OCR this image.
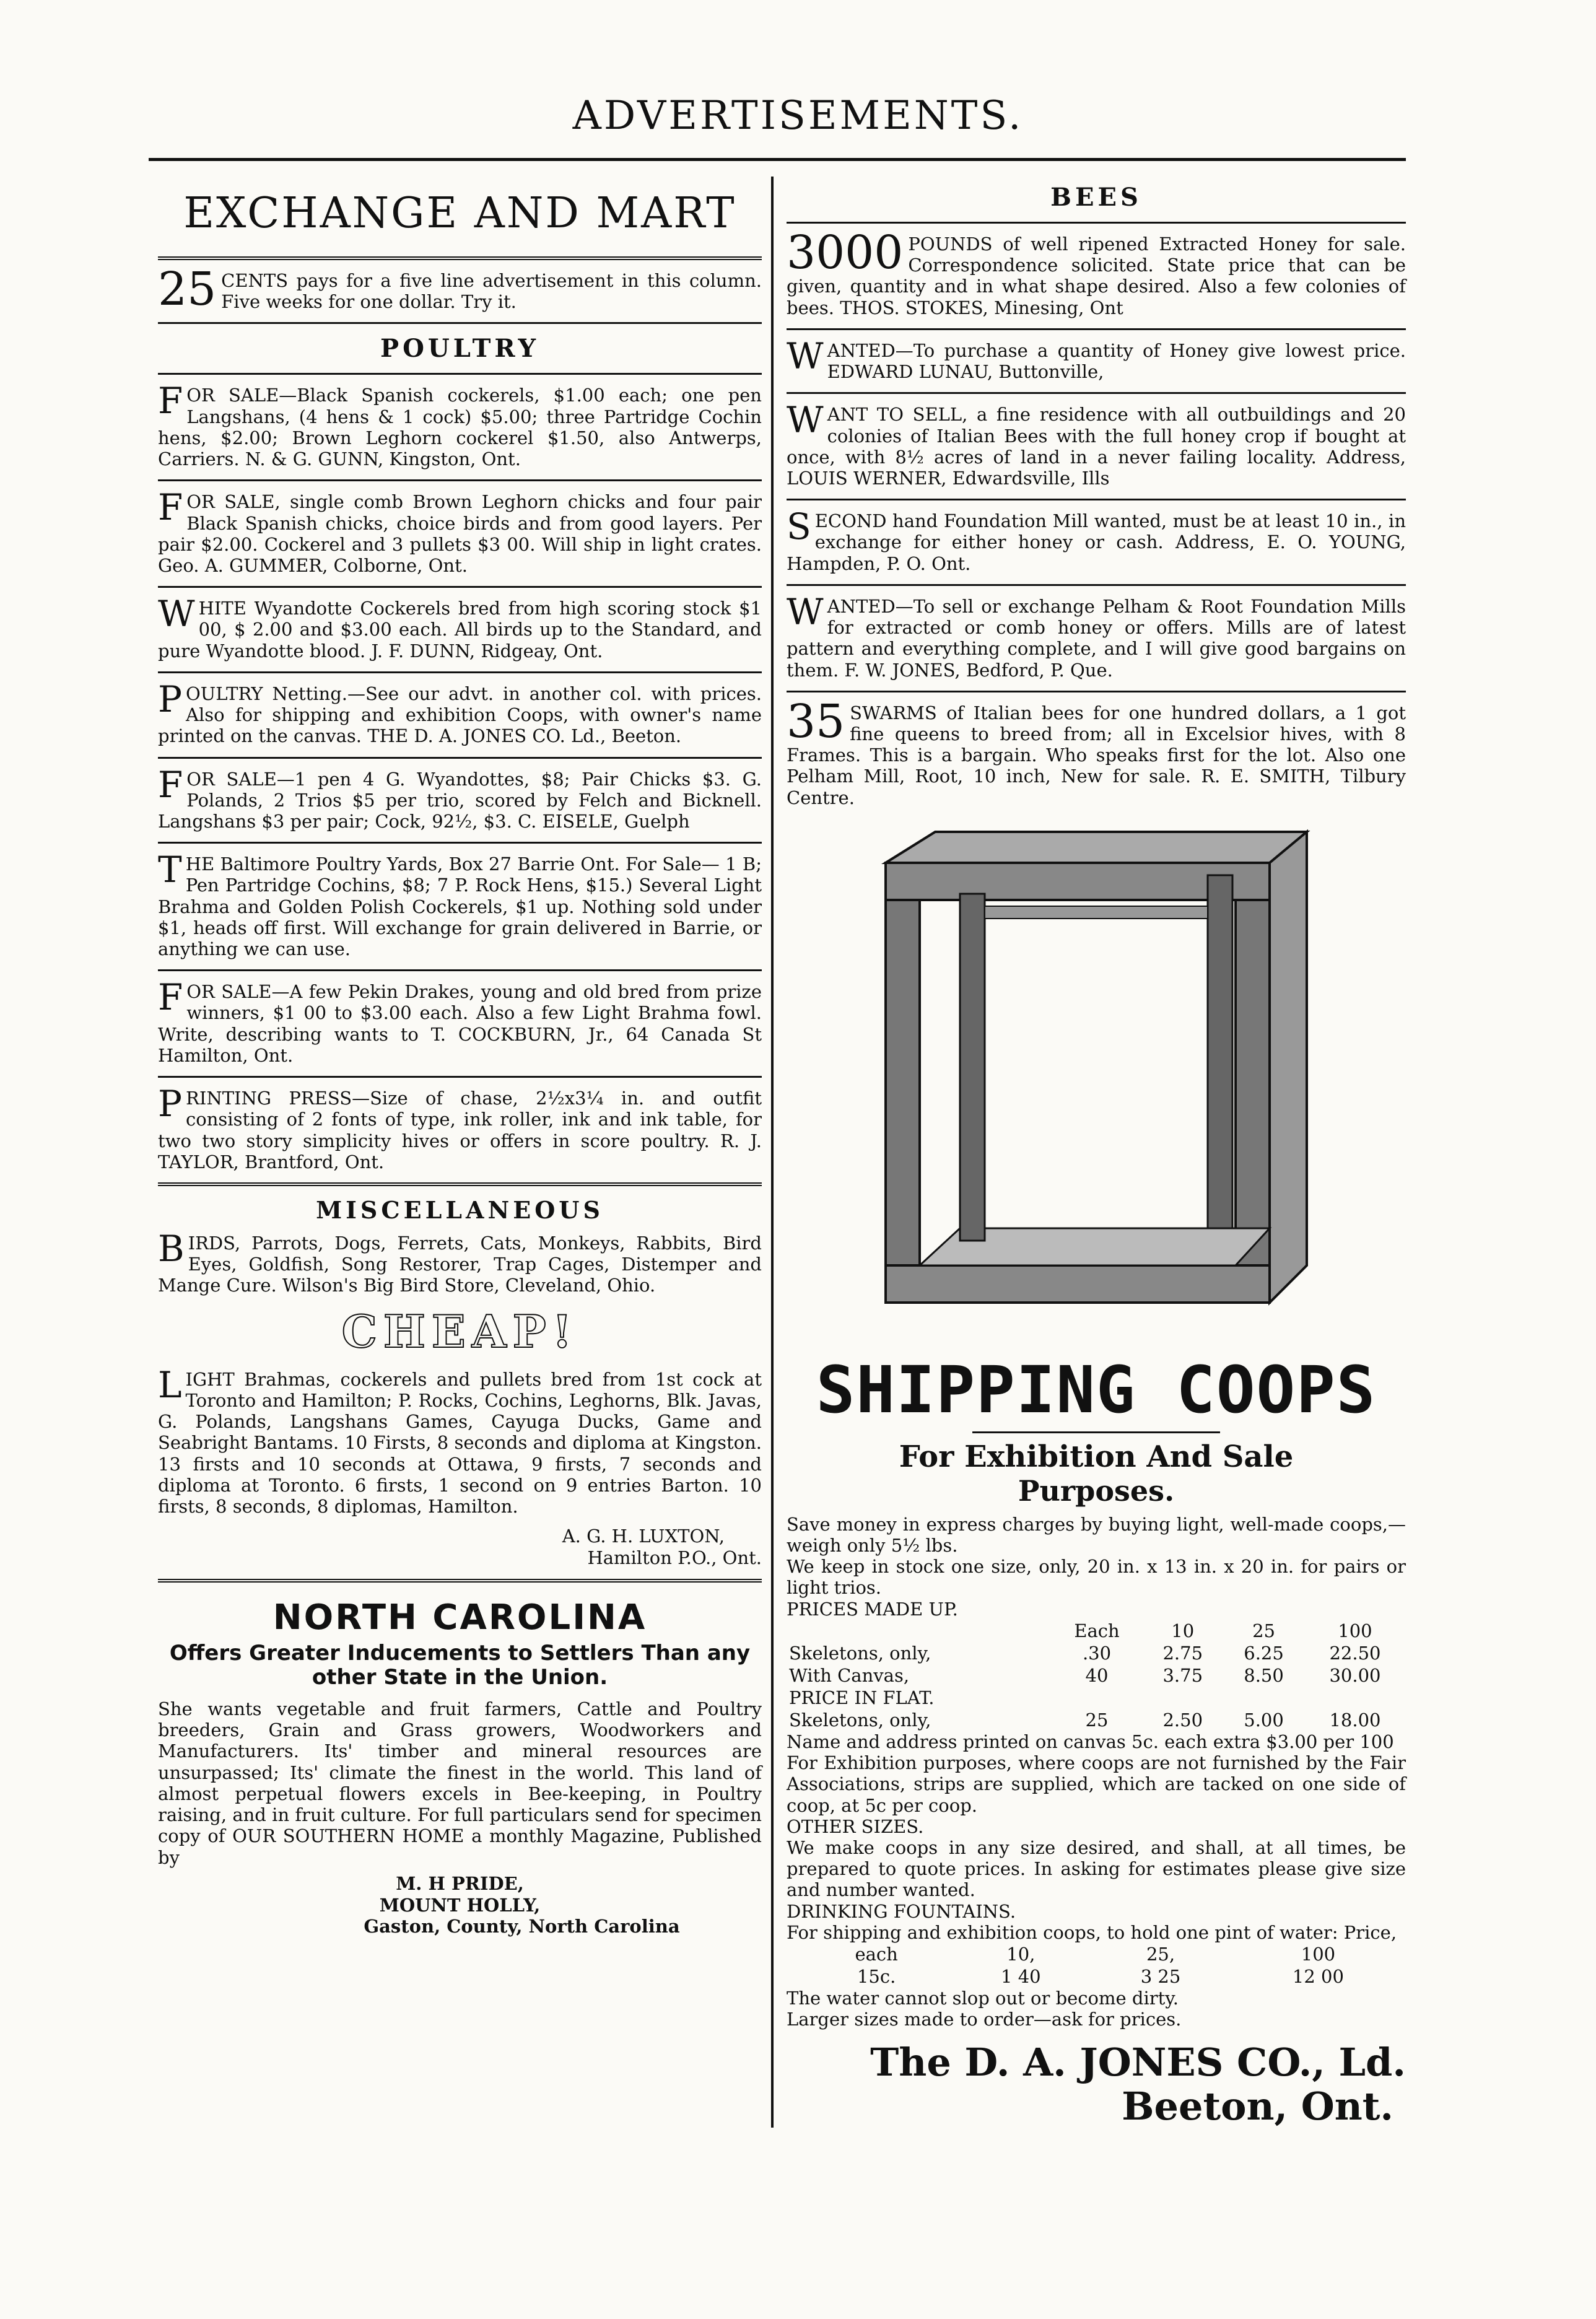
ADVERTISEMENTS.
EXCHANGE AND MART
25 CENTS pays for a five line advertisement in this column. Five weeks for one dollar. Try it.

POULTRY
F OR SALE—Black Spanish cockerels, $1.00 each; one pen Langshans, (4 hens & 1 cock) $5.00; three Partridge Cochin hens, $2.00; Brown Leghorn cockerel $1.50, also Antwerps, Carriers. N. & G. GUNN, Kingston, Ont.

F OR SALE, single comb Brown Leghorn chicks and four pair Black Spanish chicks, choice birds and from good layers. Per pair $2.00. Cockerel and 3 pullets $3 00. Will ship in light crates. Geo. A. GUMMER, Colborne, Ont.

W HITE Wyandotte Cockerels bred from high scoring stock $1 00, $ 2.00 and $3.00 each. All birds up to the Standard, and pure Wyandotte blood. J. F. DUNN, Ridgeay, Ont.

P OULTRY Netting.—See our advt. in another col. with prices. Also for shipping and exhibition Coops, with owner's name printed on the canvas. THE D. A. JONES CO. Ld., Beeton.

F OR SALE—1 pen 4 G. Wyandottes, $8; Pair Chicks $3. G. Polands, 2 Trios $5 per trio, scored by Felch and Bicknell. Langshans $3 per pair; Cock, 92½, $3. C. EISELE, Guelph

T HE Baltimore Poultry Yards, Box 27 Barrie Ont. For Sale— 1 B; Pen Partridge Cochins, $8; 7 P. Rock Hens, $15.) Several Light Brahma and Golden Polish Cockerels, $1 up. Nothing sold under $1, heads off first. Will exchange for grain delivered in Barrie, or anything we can use.

F OR SALE—A few Pekin Drakes, young and old bred from prize winners, $1 00 to $3.00 each. Also a few Light Brahma fowl. Write, describing wants to T. COCKBURN, Jr., 64 Canada St Hamilton, Ont.

P RINTING PRESS—Size of chase, 2½x3¼ in. and outfit consisting of 2 fonts of type, ink roller, ink and ink table, for two two story simplicity hives or offers in score poultry. R. J. TAYLOR, Brantford, Ont.

MISCELLANEOUS
B IRDS, Parrots, Dogs, Ferrets, Cats, Monkeys, Rabbits, Bird Eyes, Goldfish, Song Restorer, Trap Cages, Distemper and Mange Cure. Wilson's Big Bird Store, Cleveland, Ohio.

CHEAP!
L IGHT Brahmas, cockerels and pullets bred from 1st cock at Toronto and Hamilton; P. Rocks, Cochins, Leghorns, Blk. Javas, G. Polands, Langshans Games, Cayuga Ducks, Game and Seabright Bantams. 10 Firsts, 8 seconds and diploma at Kingston. 13 firsts and 10 seconds at Ottawa, 9 firsts, 7 seconds and diploma at Toronto. 6 firsts, 1 second on 9 entries Barton. 10 firsts, 8 seconds, 8 diplomas, Hamilton.

A. G. H. LUXTON,
Hamilton P.O., Ont.
NORTH CAROLINA
Offers Greater Inducements to Settlers Than any other State in the Union.

She wants vegetable and fruit farmers, Cattle and Poultry breeders, Grain and Grass growers, Woodworkers and Manufacturers. Its' timber and mineral resources are unsurpassed; Its' climate the finest in the world. This land of almost perpetual flowers excels in Bee-keeping, in Poultry raising, and in fruit culture. For full particulars send for specimen copy of OUR SOUTHERN HOME a monthly Magazine, Published by

M. H PRIDE,
MOUNT HOLLY,
Gaston, County, North Carolina
BEES
3000 POUNDS of well ripened Extracted Honey for sale. Correspondence solicited. State price that can be given, quantity and in what shape desired. Also a few colonies of bees. THOS. STOKES, Minesing, Ont

W ANTED—To purchase a quantity of Honey give lowest price. EDWARD LUNAU, Buttonville,

W ANT TO SELL, a fine residence with all outbuildings and 20 colonies of Italian Bees with the full honey crop if bought at once, with 8½ acres of land in a never failing locality. Address, LOUIS WERNER, Edwardsville, Ills

S ECOND hand Foundation Mill wanted, must be at least 10 in., in exchange for either honey or cash. Address, E. O. YOUNG, Hampden, P. O. Ont.

W ANTED—To sell or exchange Pelham & Root Foundation Mills for extracted or comb honey or offers. Mills are of latest pattern and everything complete, and I will give good bargains on them. F. W. JONES, Bedford, P. Que.

35 SWARMS of Italian bees for one hundred dollars, a 1 got fine queens to breed from; all in Excelsior hives, with 8 Frames. This is a bargain. Who speaks first for the lot. Also one Pelham Mill, Root, 10 inch, New for sale. R. E. SMITH, Tilbury Centre.

SHIPPING COOPS
For Exhibition And Sale
Purposes.

Save money in express charges by buying light, well-made coops,—weigh only 5½ lbs.

We keep in stock one size, only, 20 in. x 13 in. x 20 in. for pairs or light trios.

PRICES MADE UP.

	Each	10	25	100
Skeletons, only,	.30	2.75	6.25	22.50
With Canvas,	40	3.75	8.50	30.00
PRICE IN FLAT.				
Skeletons, only,	25	2.50	5.00	18.00

Name and address printed on canvas 5c. each extra $3.00 per 100

For Exhibition purposes, where coops are not furnished by the Fair Associations, strips are supplied, which are tacked on one side of coop, at 5c per coop.

OTHER SIZES.

We make coops in any size desired, and shall, at all times, be prepared to quote prices. In asking for estimates please give size and number wanted.

DRINKING FOUNTAINS.

For shipping and exhibition coops, to hold one pint of water: Price,

	each	10,	25,	100
	15c.	1 40	3 25	12 00

The water cannot slop out or become dirty.

Larger sizes made to order—ask for prices.

The D. A. JONES CO., Ld.
Beeton, Ont.
